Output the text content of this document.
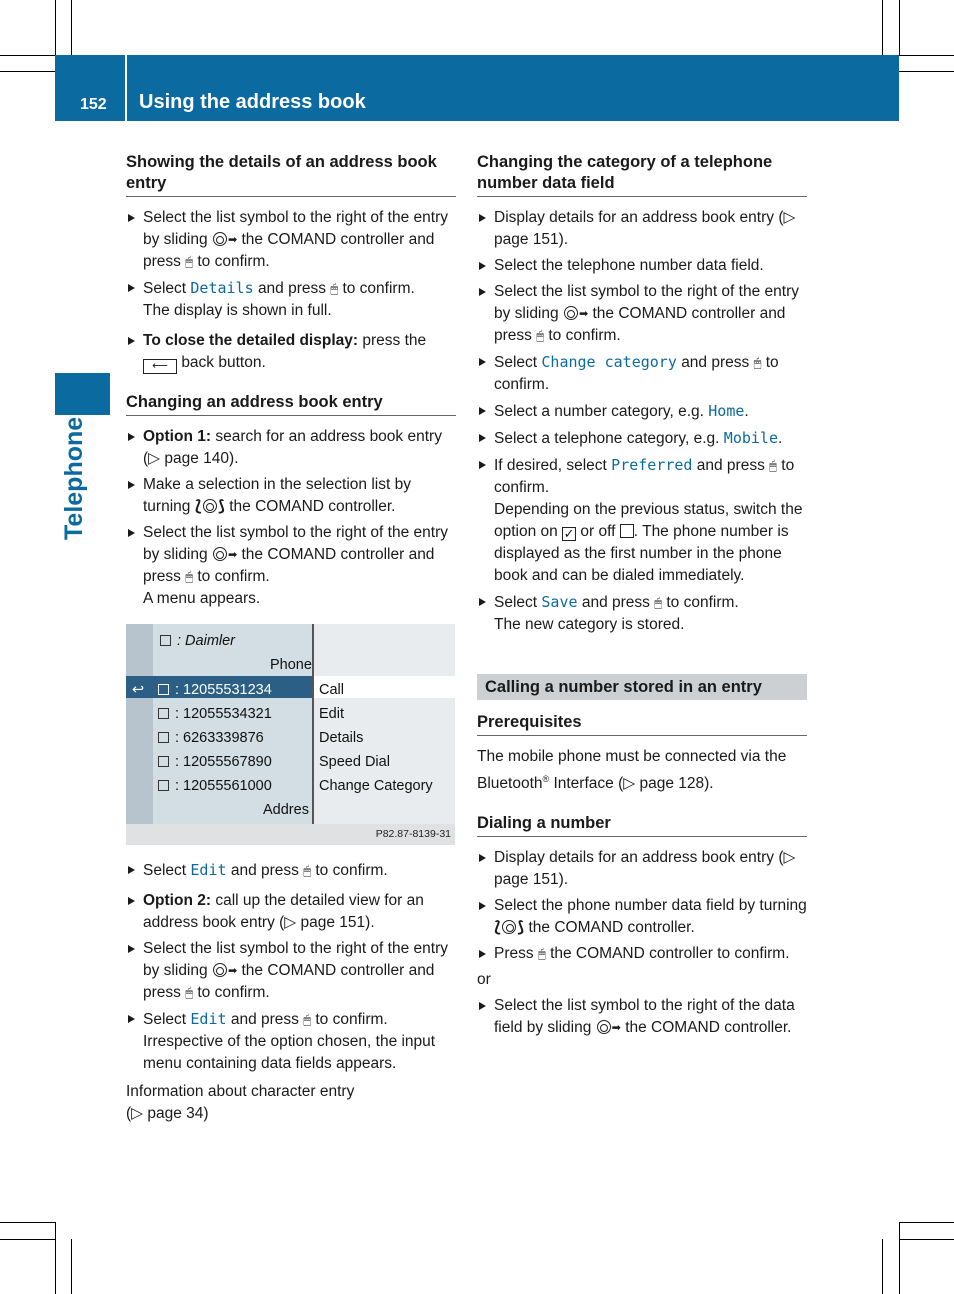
152 Using the address book
Telephone
Showing the details of an address book entry
Select the list symbol to the right of the entry by sliding ➡ the COMAND controller and press 🖱 to confirm.
Select Details and press 🖱 to confirm.
The display is shown in full.
To close the detailed display: press the
⟵ back button.
Changing an address book entry
Option 1: search for an address book entry (▷ page 140).
Make a selection in the selection list by turning ⟅ ⟆ the COMAND controller.
Select the list symbol to the right of the entry by sliding ➡ the COMAND controller and press 🖱 to confirm.
A menu appears.
: Daimler
Phone
↩	: 12055531234
: 12055534321
: 6263339876
: 12055567890
: 12055561000
Addres
Call
Edit
Details
Speed Dial
Change Category
P82.87-8139-31
Select Edit and press 🖱 to confirm.
Option 2: call up the detailed view for an address book entry (▷ page 151).
Select the list symbol to the right of the entry by sliding ➡ the COMAND controller and press 🖱 to confirm.
Select Edit and press 🖱 to confirm.
Irrespective of the option chosen, the input menu containing data fields appears.
Information about character entry
(▷ page 34)
Changing the category of a telephone number data field
Display details for an address book entry (▷ page 151).
Select the telephone number data field.
Select the list symbol to the right of the entry by sliding ➡ the COMAND controller and press 🖱 to confirm.
Select Change category and press 🖱 to confirm.
Select a number category, e.g. Home.
Select a telephone category, e.g. Mobile.
If desired, select Preferred and press 🖱 to confirm.
Depending on the previous status, switch the option on ✓ or off . The phone number is displayed as the first number in the phone book and can be dialed immediately.
Select Save and press 🖱 to confirm.
The new category is stored.
Calling a number stored in an entry
Prerequisites
The mobile phone must be connected via the Bluetooth® Interface (▷ page 128).
Dialing a number
Display details for an address book entry (▷ page 151).
Select the phone number data field by turning ⟅ ⟆ the COMAND controller.
Press 🖱 the COMAND controller to confirm.
or
Select the list symbol to the right of the data field by sliding ➡ the COMAND controller.
